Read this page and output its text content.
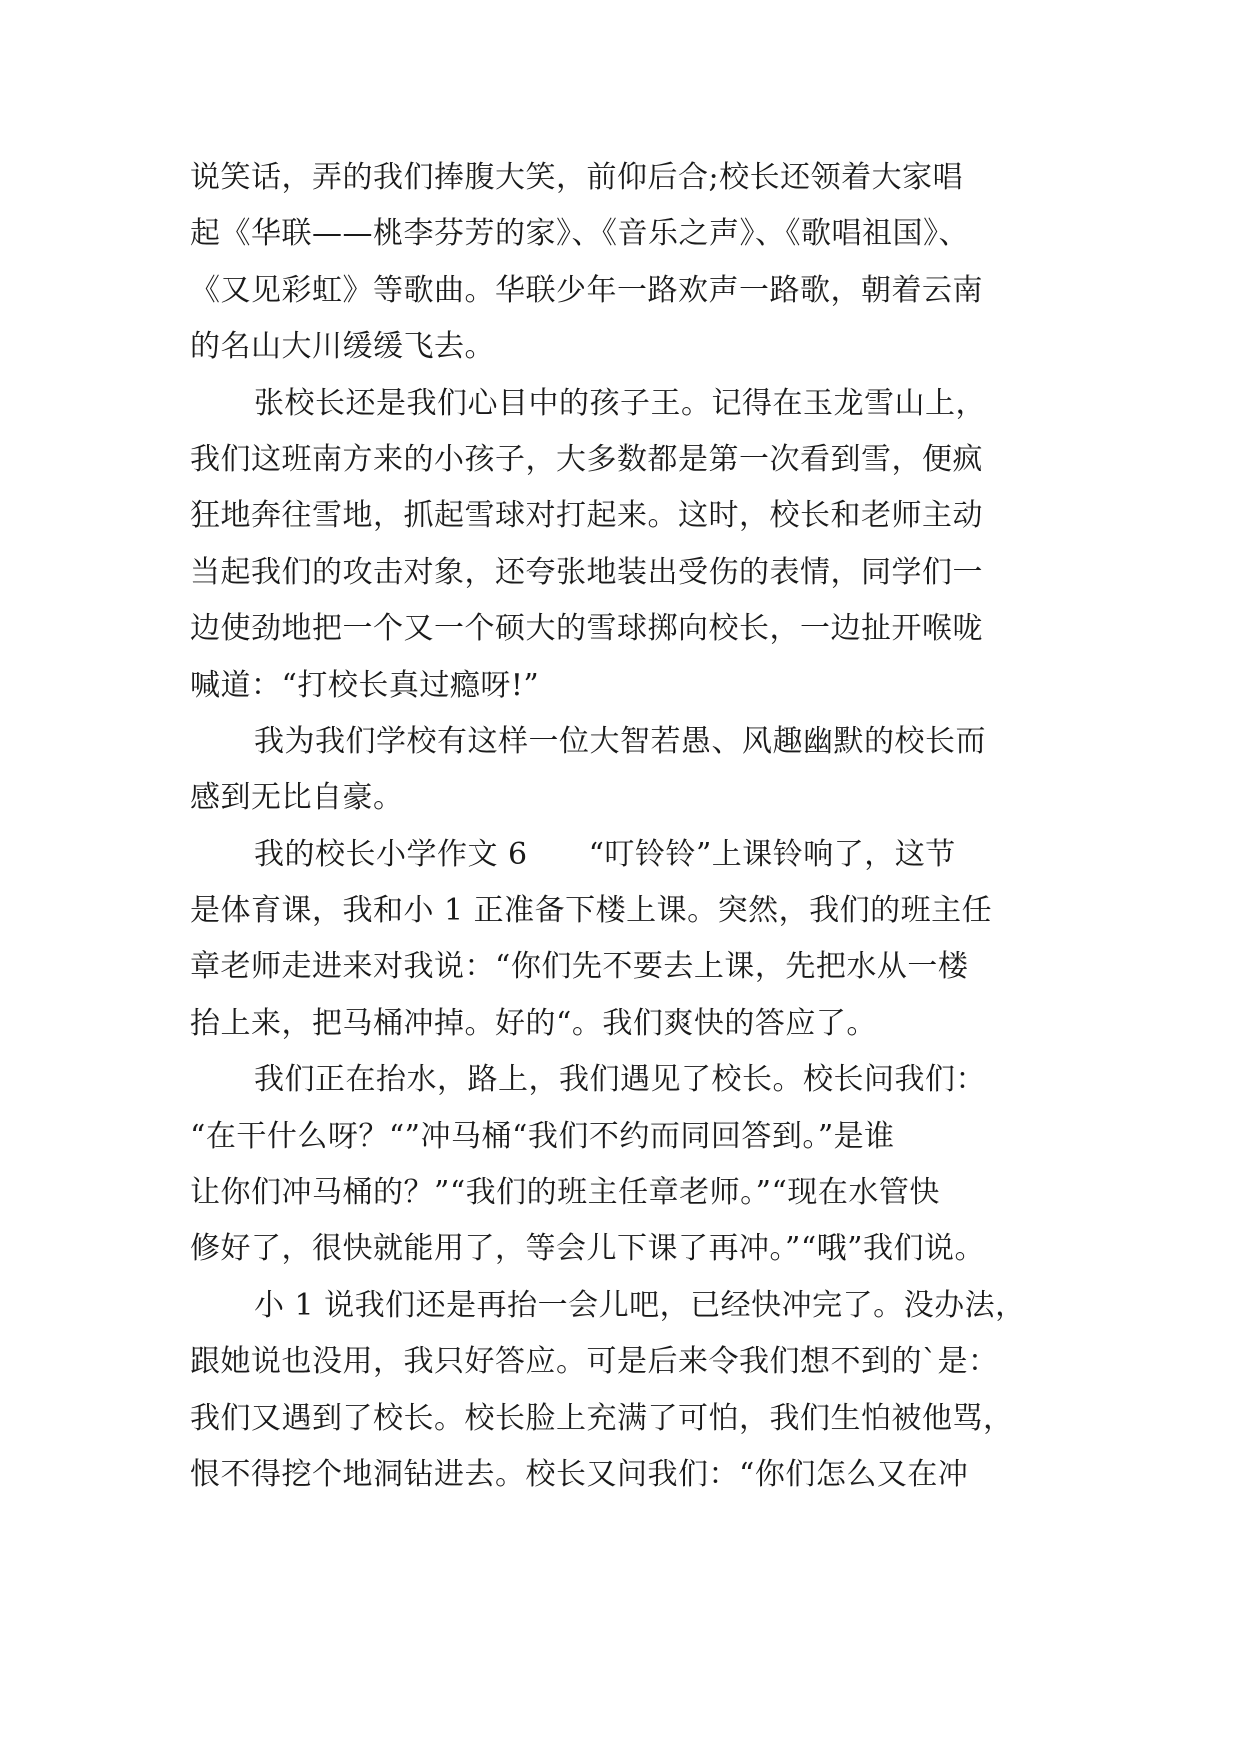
说笑话，弄的我们捧腹大笑，前仰后合;校长还领着大家唱
起《华联——桃李芬芳的家》、《音乐之声》、《歌唱祖国》、
《又见彩虹》等歌曲。华联少年一路欢声一路歌，朝着云南
的名山大川缓缓飞去。
张校长还是我们心目中的孩子王。记得在玉龙雪山上，
我们这班南方来的小孩子，大多数都是第一次看到雪，便疯
狂地奔往雪地，抓起雪球对打起来。这时，校长和老师主动
当起我们的攻击对象，还夸张地装出受伤的表情，同学们一
边使劲地把一个又一个硕大的雪球掷向校长，一边扯开喉咙
喊道：“打校长真过瘾呀!”
我为我们学校有这样一位大智若愚、风趣幽默的校长而
感到无比自豪。
我的校长小学作文 6　　“叮铃铃”上课铃响了，这节
是体育课，我和小 1 正准备下楼上课。突然，我们的班主任
章老师走进来对我说：“你们先不要去上课，先把水从一楼
抬上来，把马桶冲掉。好的“。我们爽快的答应了。
我们正在抬水，路上，我们遇见了校长。校长问我们：
“在干什么呀？“”冲马桶“我们不约而同回答到。”是谁
让你们冲马桶的？”“我们的班主任章老师。”“现在水管快
修好了，很快就能用了，等会儿下课了再冲。”“哦”我们说。
小 1 说我们还是再抬一会儿吧，已经快冲完了。没办法，
跟她说也没用，我只好答应。可是后来令我们想不到的`是：
我们又遇到了校长。校长脸上充满了可怕，我们生怕被他骂，
恨不得挖个地洞钻进去。校长又问我们：“你们怎么又在冲
